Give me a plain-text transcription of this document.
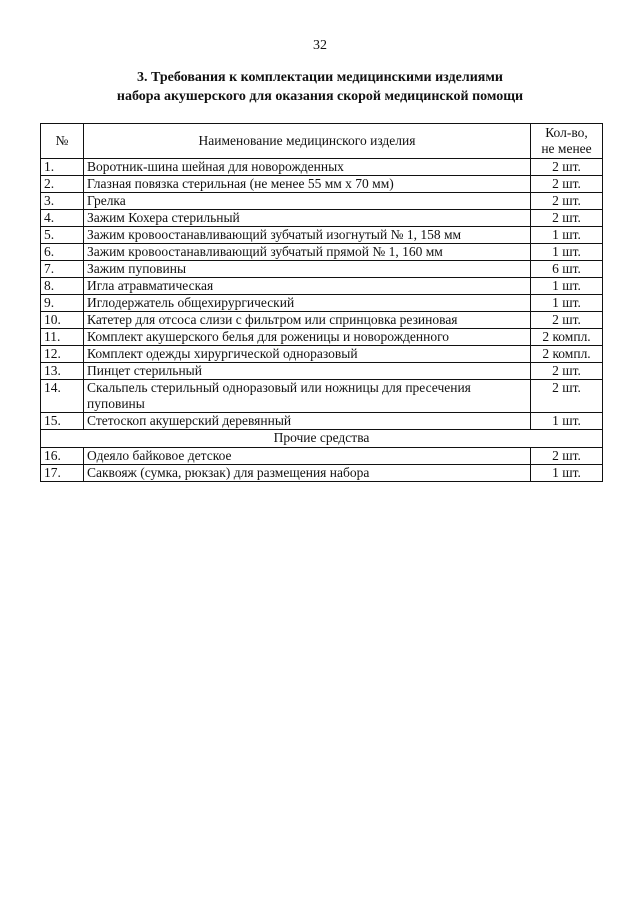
32
3. Требования к комплектации медицинскими изделиями
набора акушерского для оказания скорой медицинской помощи
№	Наименование медицинского изделия	Кол-во,
не менее
1.	Воротник-шина шейная для новорожденных	2 шт.
2.	Глазная повязка стерильная (не менее 55 мм х 70 мм)	2 шт.
3.	Грелка	2 шт.
4.	Зажим Кохера стерильный	2 шт.
5.	Зажим кровоостанавливающий зубчатый изогнутый № 1, 158 мм	1 шт.
6.	Зажим кровоостанавливающий зубчатый прямой № 1, 160 мм	1 шт.
7.	Зажим пуповины	6 шт.
8.	Игла атравматическая	1 шт.
9.	Иглодержатель общехирургический	1 шт.
10.	Катетер для отсоса слизи с фильтром или спринцовка резиновая	2 шт.
11.	Комплект акушерского белья для роженицы и новорожденного	2 компл.
12.	Комплект одежды хирургической одноразовый	2 компл.
13.	Пинцет стерильный	2 шт.
14.	Скальпель стерильный одноразовый или ножницы для пресечения пуповины	2 шт.
15.	Стетоскоп акушерский деревянный	1 шт.
Прочие средства		
16.	Одеяло байковое детское	2 шт.
17.	Саквояж (сумка, рюкзак) для размещения набора	1 шт.
